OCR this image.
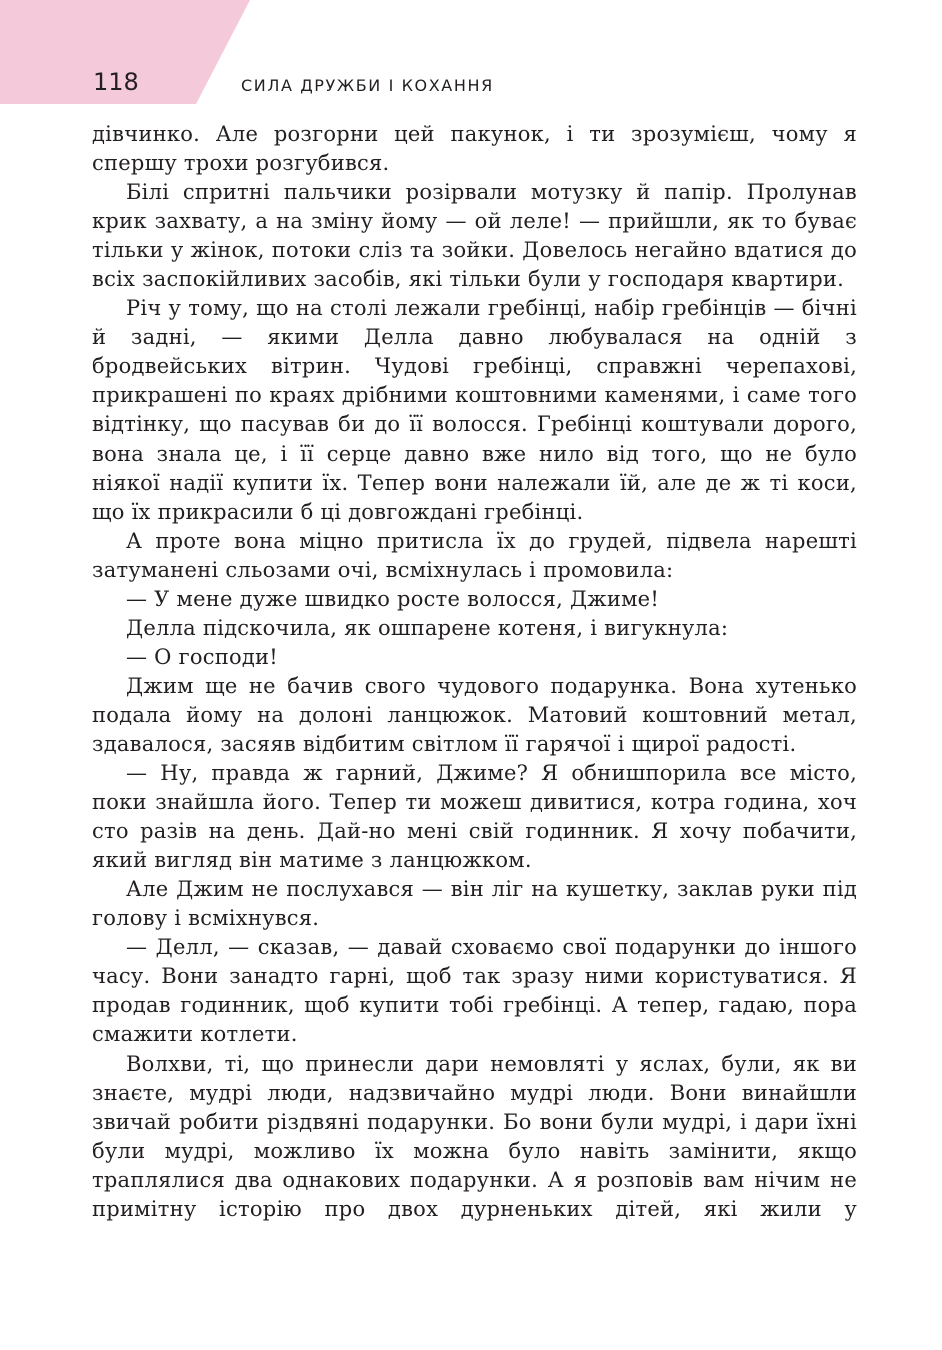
118	СИЛА ДРУЖБИ І КОХАННЯ

дівчинко. Але розгорни цей пакунок, і ти зрозумієш, чому я спершу трохи розгубився.

Білі спритні пальчики розірвали мотузку й папір. Пролунав крик захвату, а на зміну йому — ой леле! — прийшли, як то буває тільки у жінок, потоки сліз та зойки. Довелось негайно вдатися до всіх заспокійливих засобів, які тільки були у господаря квартири.

Річ у тому, що на столі лежали гребінці, набір гребінців — бічні й задні, — якими Делла давно любувалася на одній з бродвейських вітрин. Чудові гребінці, справжні черепахові, прикрашені по краях дрібними коштовними каменями, і саме того відтінку, що пасував би до її волосся. Гребінці коштували дорого, вона знала це, і її серце давно вже нило від того, що не було ніякої надії купити їх. Тепер вони належали їй, але де ж ті коси, що їх прикрасили б ці довгождані гребінці.

А проте вона міцно притисла їх до грудей, підвела нарешті затуманені сльозами очі, всміхнулась і промовила:

— У мене дуже швидко росте волосся, Джиме!

Делла підскочила, як ошпарене котеня, і вигукнула:

— О господи!

Джим ще не бачив свого чудового подарунка. Вона хутенько подала йому на долоні ланцюжок. Матовий коштовний метал, здавалося, засяяв відбитим світлом її гарячої і щирої радості.

— Ну, правда ж гарний, Джиме? Я обнишпорила все місто, поки знайшла його. Тепер ти можеш дивитися, котра година, хоч сто разів на день. Дай-но мені свій годинник. Я хочу побачити, який вигляд він матиме з ланцюжком.

Але Джим не послухався — він ліг на кушетку, заклав руки під голову і всміхнувся.

— Делл, — сказав, — давай сховаємо свої подарунки до іншого часу. Вони занадто гарні, щоб так зразу ними користуватися. Я продав годинник, щоб купити тобі гребінці. А тепер, гадаю, пора смажити котлети.

Волхви, ті, що принесли дари немовляті у яслах, були, як ви знаєте, мудрі люди, надзвичайно мудрі люди. Вони винайшли звичай робити різдвяні подарунки. Бо вони були мудрі, і дари їхні були мудрі, можливо їх можна було навіть замінити, якщо траплялися два однакових подарунки. А я розповів вам нічим не примітну історію про двох дурненьких дітей, які жили у
